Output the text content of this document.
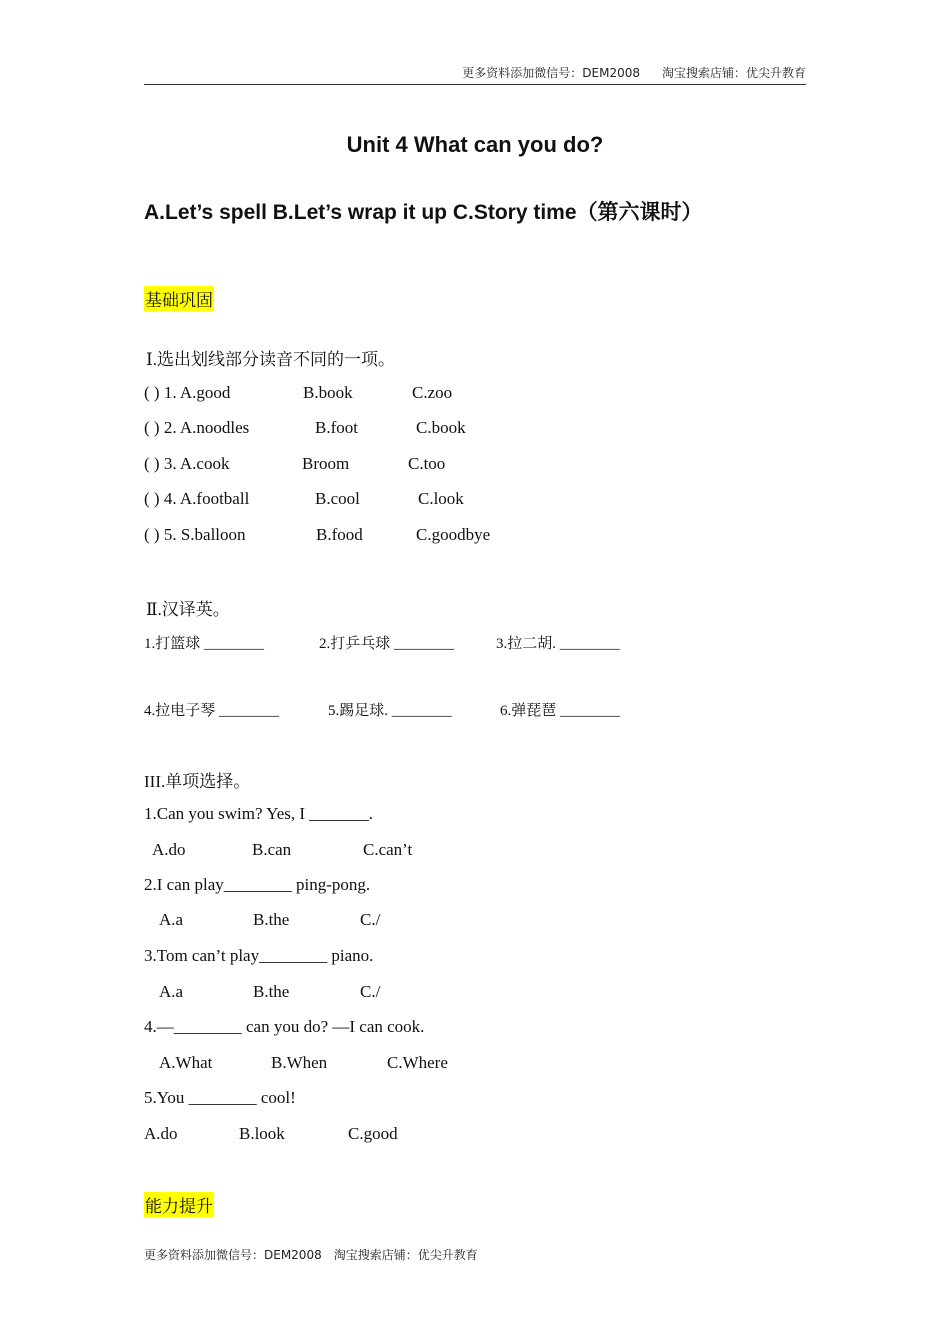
更多资料添加微信号：DEM2008 淘宝搜索店铺：优尖升教育
Unit 4 What can you do?
A.Let’s spell B.Let’s wrap it up C.Story time（第六课时）
基础巩固
Ⅰ.选出划线部分读音不同的一项。
( ) 1. A.good	B.book	C.zoo
( ) 2. A.noodles	B.foot	C.book
( ) 3. A.cook	Broom	C.too
( ) 4. A.football	B.cool	C.look
( ) 5. S.balloon	B.food	C.goodbye
Ⅱ.汉译英。
1.打篮球 ________	2.打乒乓球 ________	3.拉二胡. ________
4.拉电子琴 ________	5.踢足球. ________	6.弹琵琶 ________
III.单项选择。
1.Can you swim? Yes, I _______.
A.do	B.can	C.can’t
2.I can play________ ping-pong.
A.a	B.the	C./
3.Tom can’t play________ piano.
A.a	B.the	C./
4.—________ can you do? —I can cook.
A.What	B.When	C.Where
5.You ________ cool!
A.do	B.look	C.good
能力提升
更多资料添加微信号：DEM2008 淘宝搜索店铺：优尖升教育
